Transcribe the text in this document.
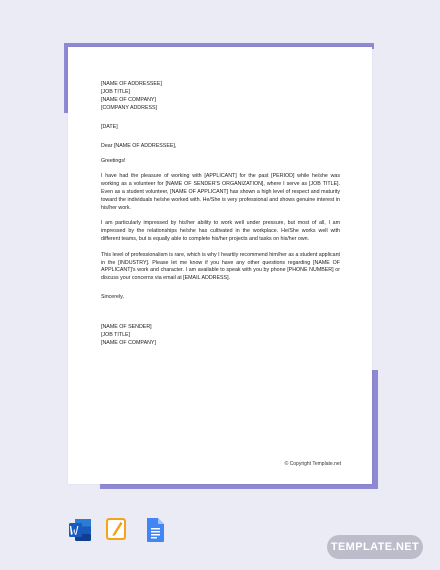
[NAME OF ADDRESSEE]
[JOB TITLE]
[NAME OF COMPANY]
[COMPANY ADDRESS]
[DATE]
Dear [NAME OF ADDRESSEE],
Greetings!

I have had the pleasure of working with [APPLICANT] for the past [PERIOD] while he/she was working as a volunteer for [NAME OF SENDER'S ORGANIZATION], where I serve as [JOB TITLE]. Even as a student volunteer, [NAME OF APPLICANT] has shown a high level of respect and maturity toward the individuals he/she worked with. He/She is very professional and shows genuine interest in his/her work.

I am particularly impressed by his/her ability to work well under pressure, but most of all, I am impressed by the relationships he/she has cultivated in the workplace. He/She works well with different teams, but is equally able to complete his/her projects and tasks on his/her own.

This level of professionalism is rare, which is why I heartily recommend him/her as a student applicant in the [INDUSTRY]. Please let me know if you have any other questions regarding [NAME OF APPLICANT]'s work and character. I am available to speak with you by phone [PHONE NUMBER] or discuss your concerns via email at [EMAIL ADDRESS].

Sincerely,
[NAME OF SENDER]
[JOB TITLE]
[NAME OF COMPANY]
© Copyright Template.net
TEMPLATE.NET
